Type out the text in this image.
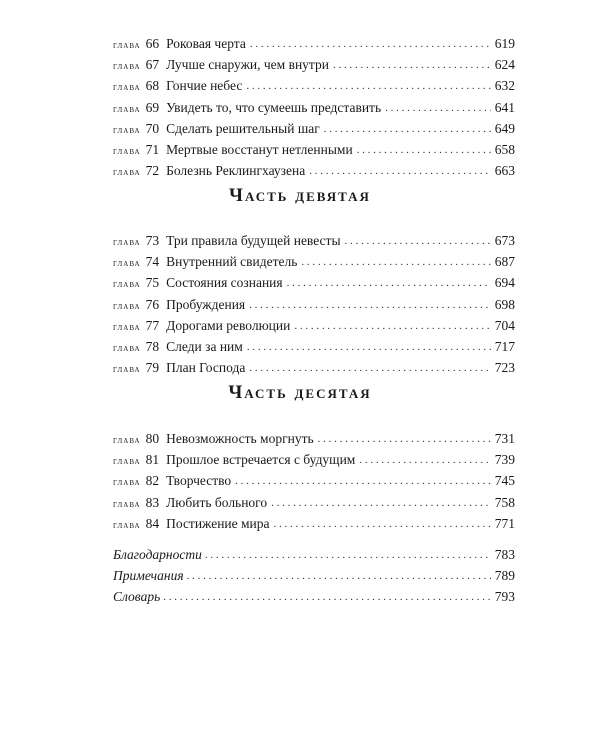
глава 66 Роковая черта . . .	619
глава 67 Лучше снаружи, чем внутри . . .	624
глава 68 Гончие небес . . .	632
глава 69 Увидеть то, что сумеешь представить . . .	641
глава 70 Сделать решительный шаг . . .	649
глава 71 Мертвые восстанут нетленными . . .	658
глава 72 Болезнь Реклингхаузена . . .	663
Часть девятая
глава 73 Три правила будущей невесты . . .	673
глава 74 Внутренний свидетель . . .	687
глава 75 Состояния сознания . . .	694
глава 76 Пробуждения . . .	698
глава 77 Дорогами революции . . .	704
глава 78 Следи за ним . . .	717
глава 79 План Господа . . .	723
Часть десятая
глава 80 Невозможность моргнуть . . .	731
глава 81 Прошлое встречается с будущим . . .	739
глава 82 Творчество . . .	745
глава 83 Любить больного . . .	758
глава 84 Постижение мира . . .	771
Благодарности . . .	783
Примечания . . .	789
Словарь . . .	793
